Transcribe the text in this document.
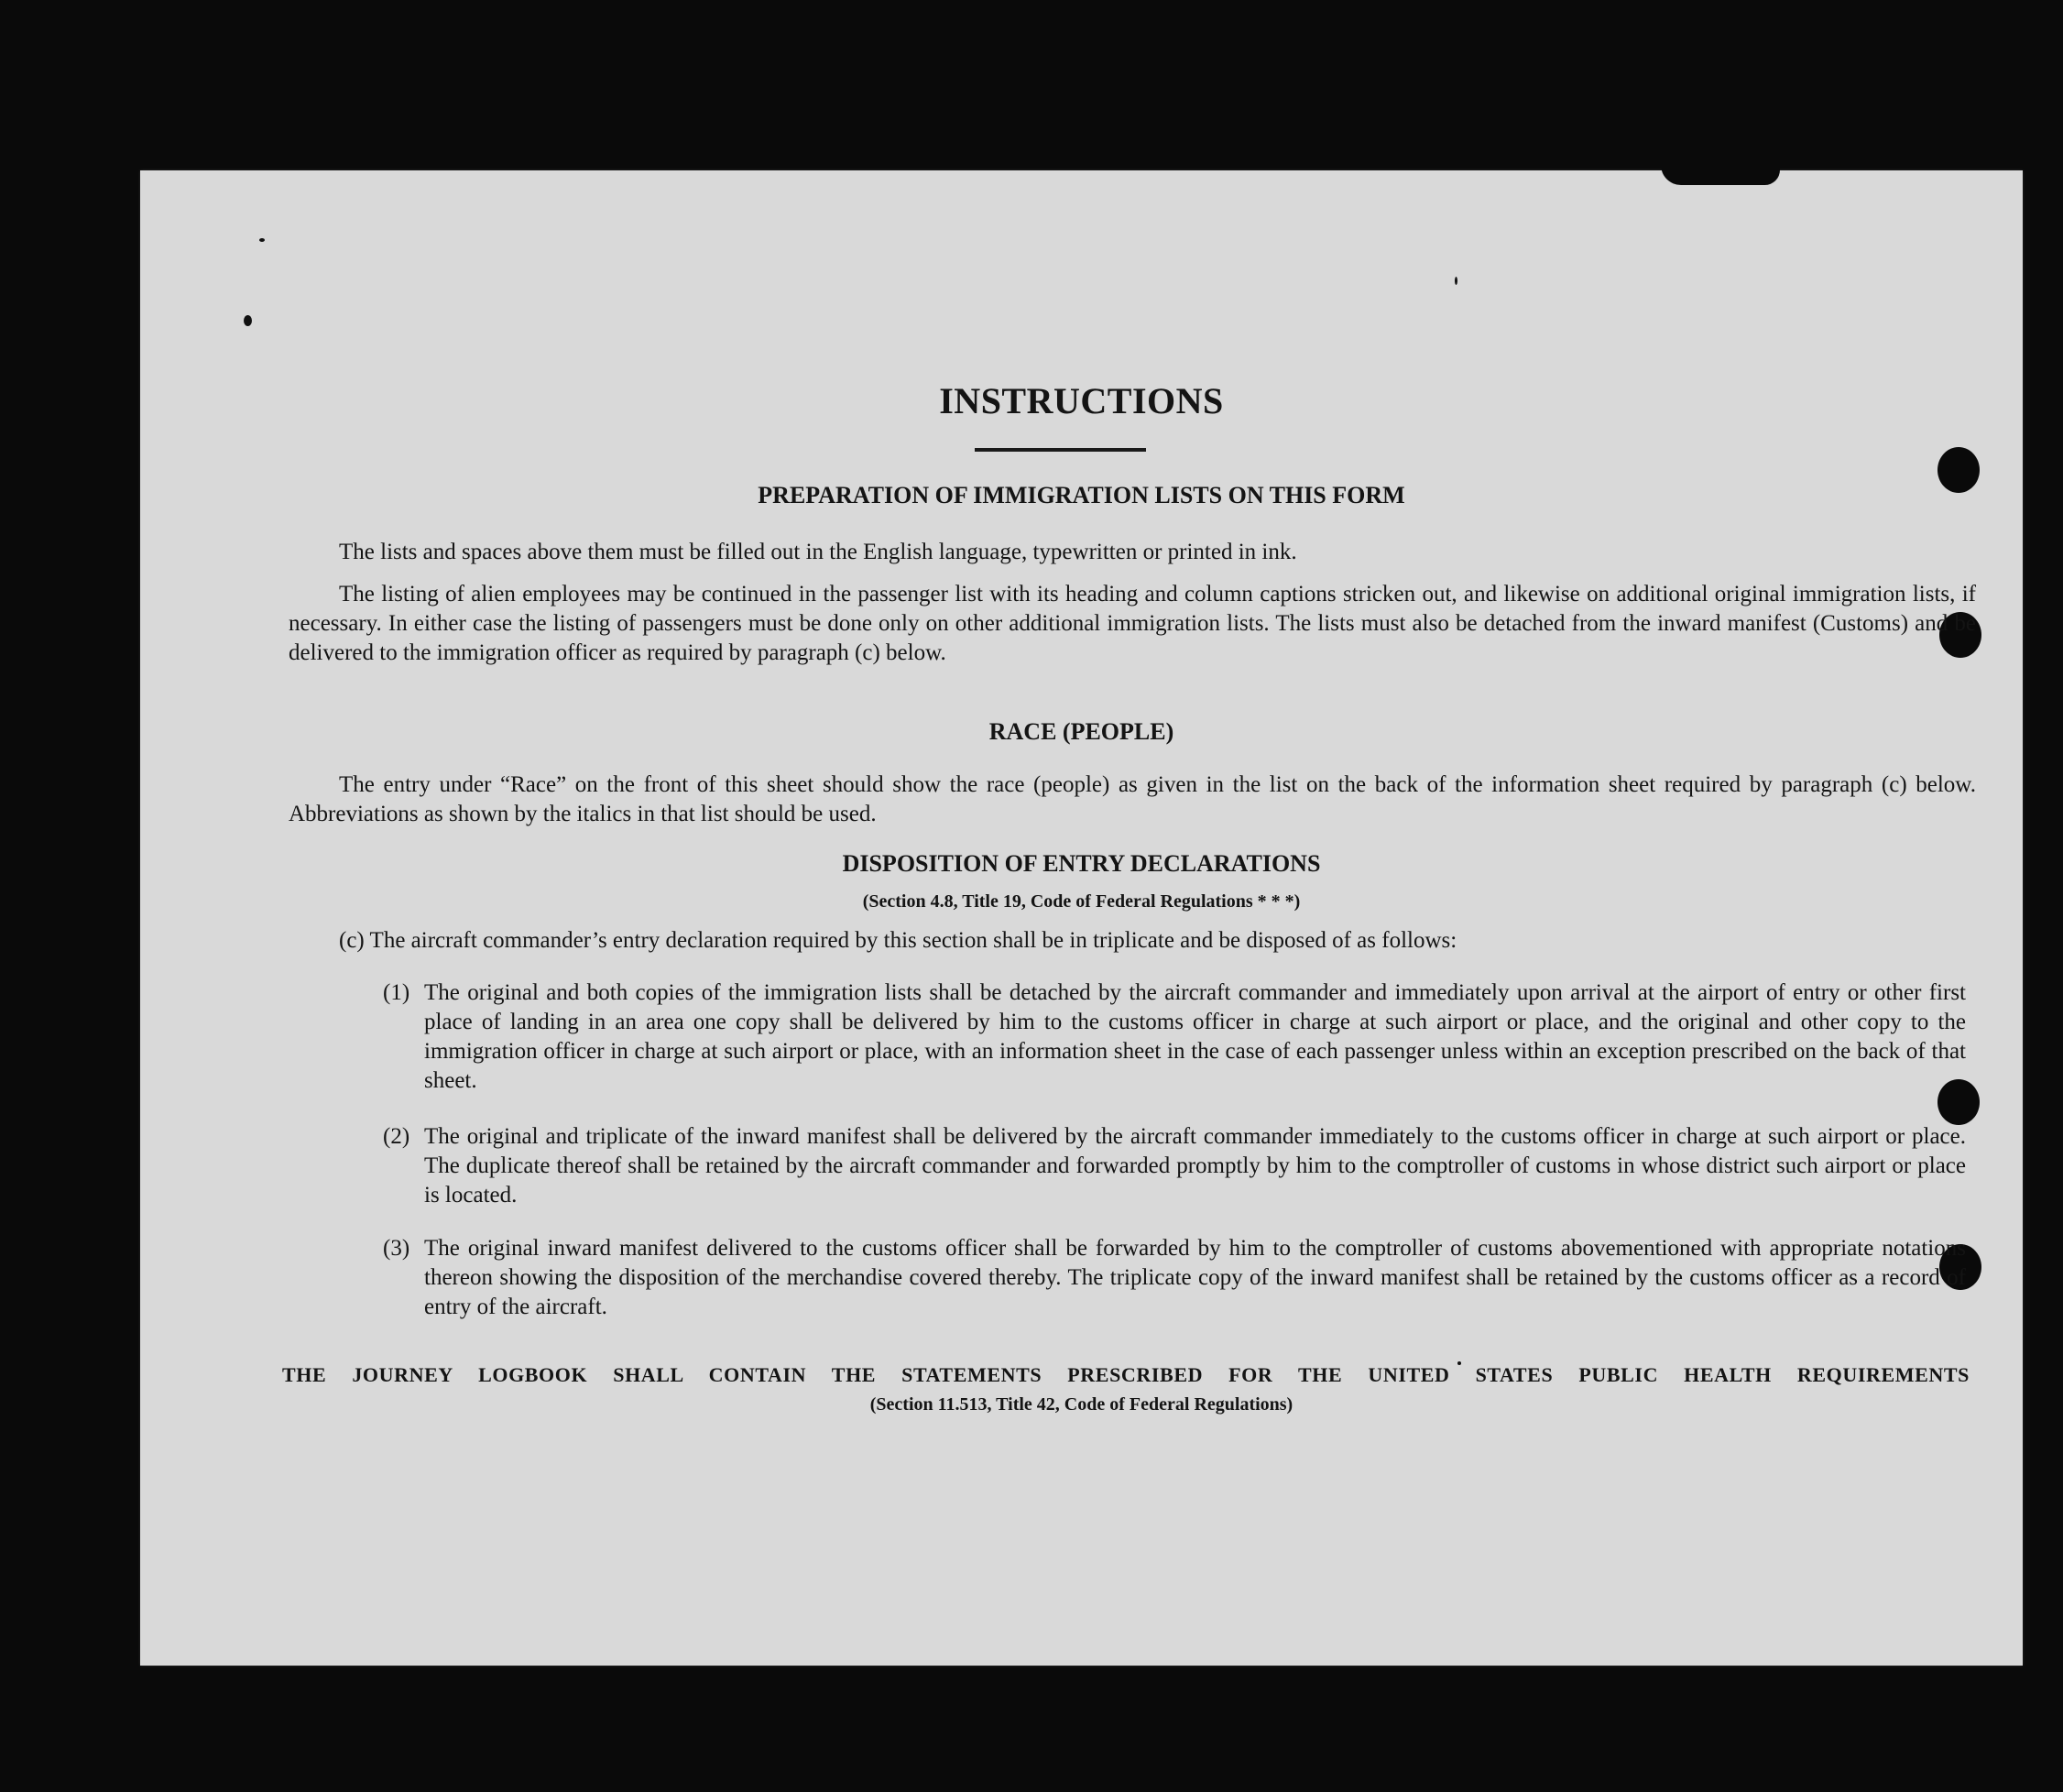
INSTRUCTIONS
PREPARATION OF IMMIGRATION LISTS ON THIS FORM
The lists and spaces above them must be filled out in the English language, typewritten or printed in ink.
The listing of alien employees may be continued in the passenger list with its heading and column captions stricken out, and likewise on additional original immigration lists, if necessary. In either case the listing of passengers must be done only on other additional immigration lists. The lists must also be detached from the inward manifest (Customs) and be delivered to the immigration officer as required by paragraph (c) below.
RACE (PEOPLE)
The entry under “Race” on the front of this sheet should show the race (people) as given in the list on the back of the information sheet required by paragraph (c) below. Abbreviations as shown by the italics in that list should be used.
DISPOSITION OF ENTRY DECLARATIONS
(Section 4.8, Title 19, Code of Federal Regulations * * *)
(c) The aircraft commander’s entry declaration required by this section shall be in triplicate and be disposed of as follows:
(1) The original and both copies of the immigration lists shall be detached by the aircraft commander and immediately upon arrival at the airport of entry or other first place of landing in an area one copy shall be delivered by him to the customs officer in charge at such airport or place, and the original and other copy to the immigration officer in charge at such airport or place, with an information sheet in the case of each passenger unless within an exception prescribed on the back of that sheet.

(2) The original and triplicate of the inward manifest shall be delivered by the aircraft commander immediately to the customs officer in charge at such airport or place. The duplicate thereof shall be retained by the aircraft commander and forwarded promptly by him to the comptroller of customs in whose district such airport or place is located.

(3) The original inward manifest delivered to the customs officer shall be forwarded by him to the comptroller of customs abovementioned with appropriate notations thereon showing the disposition of the merchandise covered thereby. The triplicate copy of the inward manifest shall be retained by the customs officer as a record of entry of the aircraft.

THE JOURNEY LOGBOOK SHALL CONTAIN THE STATEMENTS PRESCRIBED FOR THE UNITED STATES PUBLIC HEALTH REQUIREMENTS
(Section 11.513, Title 42, Code of Federal Regulations)
